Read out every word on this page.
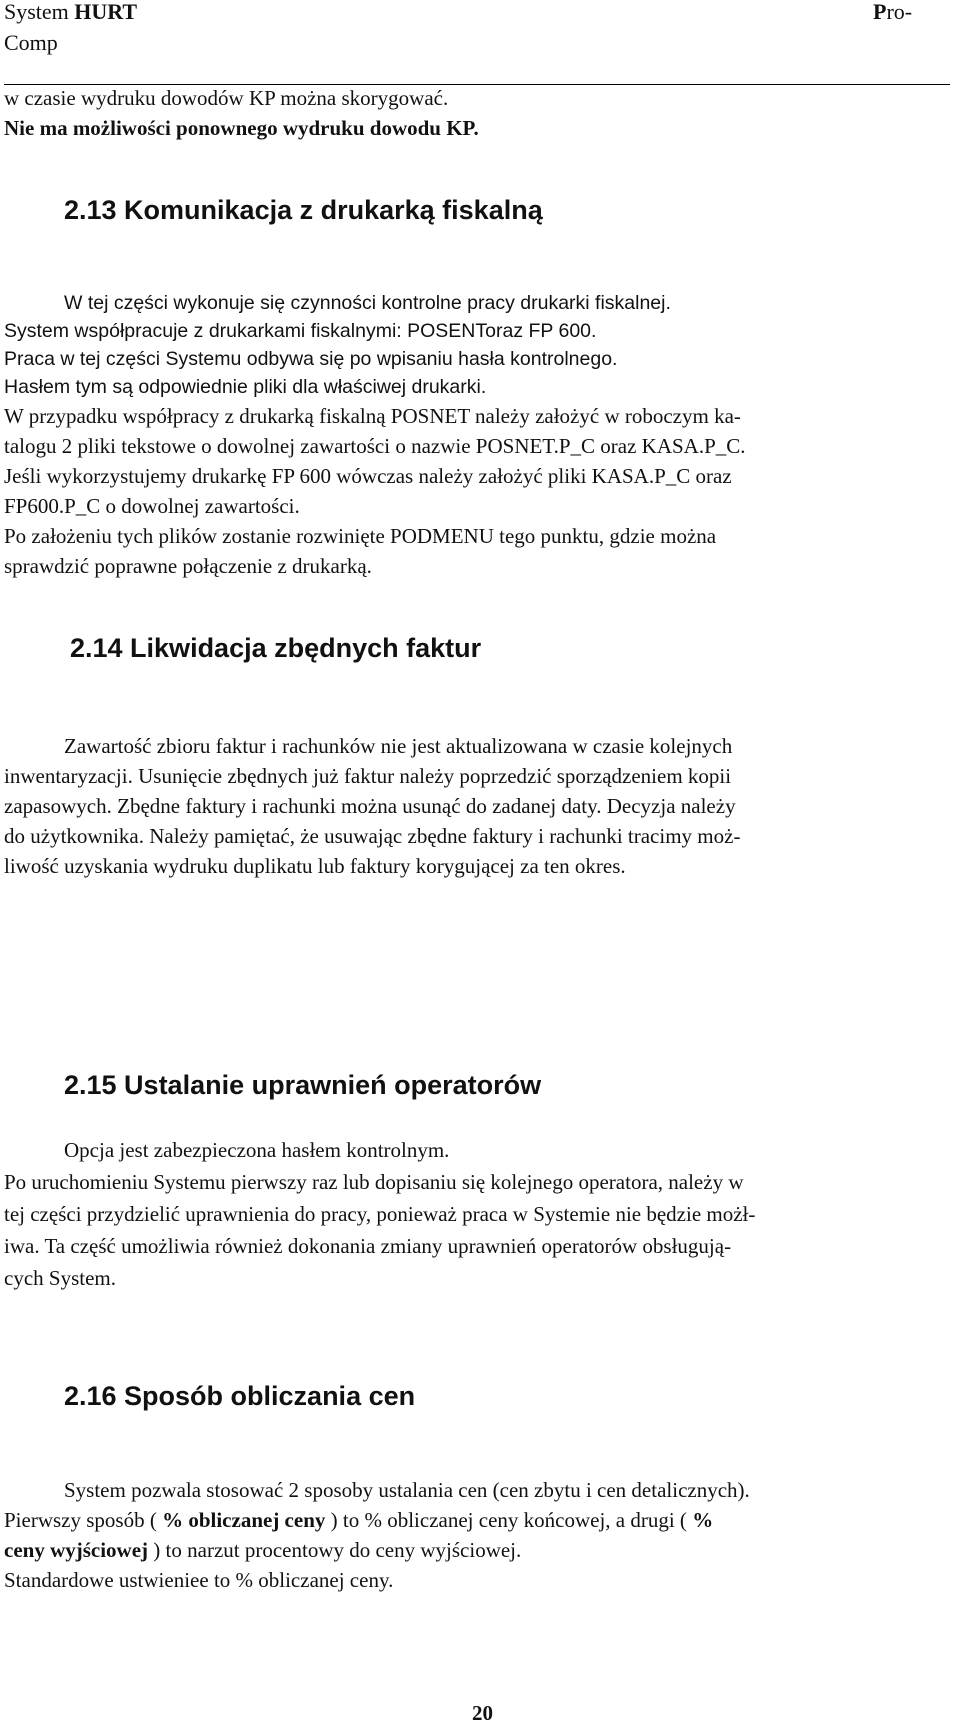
System HURT
Comp
Pro-
w czasie wydruku dowodów KP można skorygować.
Nie ma możliwości ponownego wydruku dowodu KP.
2.13 Komunikacja z drukarką fiskalną
W tej części wykonuje się czynności kontrolne pracy drukarki fiskalnej.
System współpracuje z drukarkami fiskalnymi: POSENToraz FP 600.
Praca w tej części Systemu odbywa się po wpisaniu hasła kontrolnego.
Hasłem tym są odpowiednie pliki dla właściwej drukarki.
W przypadku współpracy z drukarką fiskalną POSNET należy założyć w roboczym ka-
talogu 2 pliki tekstowe o dowolnej zawartości o nazwie POSNET.P_C oraz KASA.P_C.
Jeśli wykorzystujemy drukarkę FP 600 wówczas należy założyć pliki KASA.P_C oraz
FP600.P_C o dowolnej zawartości.
Po założeniu tych plików zostanie rozwinięte PODMENU tego punktu, gdzie można
sprawdzić poprawne połączenie z drukarką.
2.14 Likwidacja zbędnych faktur
Zawartość zbioru faktur i rachunków nie jest aktualizowana w czasie kolejnych
inwentaryzacji. Usunięcie zbędnych już faktur należy poprzedzić sporządzeniem kopii
zapasowych. Zbędne faktury i rachunki można usunąć do zadanej daty. Decyzja należy
do użytkownika. Należy pamiętać, że usuwając zbędne faktury i rachunki tracimy moż-
liwość uzyskania wydruku duplikatu lub faktury korygującej za ten okres.
2.15 Ustalanie uprawnień operatorów
Opcja jest zabezpieczona hasłem kontrolnym.
Po uruchomieniu Systemu pierwszy raz lub dopisaniu się kolejnego operatora, należy w
tej części przydzielić uprawnienia do pracy, ponieważ praca w Systemie nie będzie możł-
iwa. Ta część umożliwia również dokonania zmiany uprawnień operatorów obsługują-
cych System.
2.16 Sposób obliczania cen
System pozwala stosować 2 sposoby ustalania cen (cen zbytu i cen detalicznych).
Pierwszy sposób ( % obliczanej ceny ) to % obliczanej ceny końcowej, a drugi ( %
ceny wyjściowej ) to narzut procentowy do ceny wyjściowej.
Standardowe ustwieniee to % obliczanej ceny.
20
